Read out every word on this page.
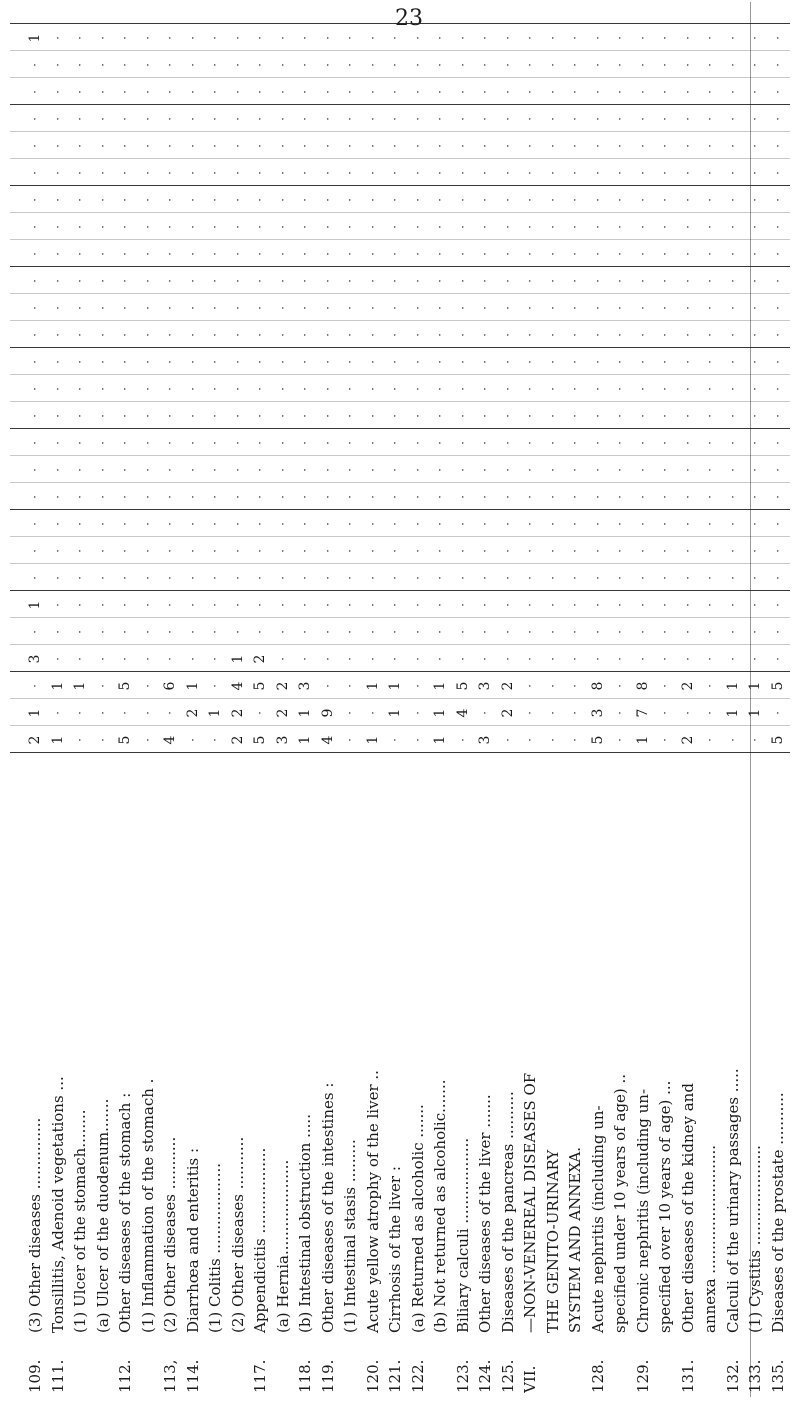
23
109.(3) Other diseases ...............
111.Tonsillitis, Adenoid vegetations ... (1) Ulcer of the stomach........ (a) Ulcer of the duodenum.......
112.Other diseases of the stomach : (1) Inflammation of the stomach .
113,(2) Other diseases ...........
114.Diarrhœa and enteritis : (1) Colitis ................... (2) Other diseases ...........
117.Appendicitis .................. (a) Hernia....................
118.(b) Intestinal obstruction .....
119.Other diseases of the intestines : (1) Intestinal stasis .........
120.Acute yellow atrophy of the liver ..
121.Cirrhosis of the liver :
122.(a) Returned as alcoholic ....... (b) Not returned as alcoholic.......
123.Biliary calculi ..................
124.Other diseases of the liver .......
125.Diseases of the pancreas ..........
VII.—NON-VENEREAL DISEASES OF THE GENITO-URINARY SYSTEM AND ANNEXA.
128.Acute nephritis (including un- specified under 10 years of age) ..
129.Chronic nephritis (including un- specified over 10 years of age) ...
131.Other diseases of the kidney and annexa ...........................
132.Calculi of the urinary passages .....
133.(1) Cystitis .....................
135.Diseases of the prostate ...........
2
1
·
3
·
1
·
·
·
·
·
·
·
·
·
·
·
·
·
·
·
·
·
·
·
·
1
1
·
1
·
·
·
·
·
·
·
·
·
·
·
·
·
·
·
·
·
·
·
·
·
·
·
·
·
·
1
·
·
·
·
·
·
·
·
·
·
·
·
·
·
·
·
·
·
·
·
·
·
·
·
·
·
·
·
·
·
·
·
·
·
·
·
·
·
·
·
·
·
·
·
·
·
·
·
·
·
·
5
·
5
·
·
·
·
·
·
·
·
·
·
·
·
·
·
·
·
·
·
·
·
·
·
·
·
·
·
·
·
·
·
·
·
·
·
·
·
·
·
·
·
·
·
·
·
·
·
·
·
·
·
·
4
·
6
·
·
·
·
·
·
·
·
·
·
·
·
·
·
·
·
·
·
·
·
·
·
·
·
·
2
1
·
·
·
·
·
·
·
·
·
·
·
·
·
·
·
·
·
·
·
·
·
·
·
·
·
1
·
·
·
·
·
·
·
·
·
·
·
·
·
·
·
·
·
·
·
·
·
·
·
·
·
2
2
4
1
·
·
·
·
·
·
·
·
·
·
·
·
·
·
·
·
·
·
·
·
·
·
·
5
·
5
2
·
·
·
·
·
·
·
·
·
·
·
·
·
·
·
·
·
·
·
·
·
·
·
3
2
2
·
·
·
·
·
·
·
·
·
·
·
·
·
·
·
·
·
·
·
·
·
·
·
·
1
1
3
·
·
·
·
·
·
·
·
·
·
·
·
·
·
·
·
·
·
·
·
·
·
·
·
4
9
·
·
·
·
·
·
·
·
·
·
·
·
·
·
·
·
·
·
·
·
·
·
·
·
·
·
·
·
·
·
·
·
·
·
·
·
·
·
·
·
·
·
·
·
·
·
·
·
·
·
·
·
1
·
1
·
·
·
·
·
·
·
·
·
·
·
·
·
·
·
·
·
·
·
·
·
·
·
·
·
1
1
·
·
·
·
·
·
·
·
·
·
·
·
·
·
·
·
·
·
·
·
·
·
·
·
·
·
·
·
·
·
·
·
·
·
·
·
·
·
·
·
·
·
·
·
·
·
·
·
·
·
·
1
1
1
·
·
·
·
·
·
·
·
·
·
·
·
·
·
·
·
·
·
·
·
·
·
·
·
·
4
5
·
·
·
·
·
·
·
·
·
·
·
·
·
·
·
·
·
·
·
·
·
·
·
·
3
·
3
·
·
·
·
·
·
·
·
·
·
·
·
·
·
·
·
·
·
·
·
·
·
·
·
·
2
2
·
·
·
·
·
·
·
·
·
·
·
·
·
·
·
·
·
·
·
·
·
·
·
·
·
·
·
·
·
·
·
·
·
·
·
·
·
·
·
·
·
·
·
·
·
·
·
·
·
·
·
·
·
·
·
·
·
·
·
·
·
·
·
·
·
·
·
·
·
·
·
·
·
·
·
·
·
·
·
·
·
·
·
·
·
·
·
·
·
·
·
·
·
·
·
·
·
·
·
·
·
·
·
·
·
5
3
8
·
·
·
·
·
·
·
·
·
·
·
·
·
·
·
·
·
·
·
·
·
·
·
·
·
·
·
·
·
·
·
·
·
·
·
·
·
·
·
·
·
·
·
·
·
·
·
·
·
·
·
1
7
8
·
·
·
·
·
·
·
·
·
·
·
·
·
·
·
·
·
·
·
·
·
·
·
·
·
·
·
·
·
·
·
·
·
·
·
·
·
·
·
·
·
·
·
·
·
·
·
·
·
·
·
2
·
2
·
·
·
·
·
·
·
·
·
·
·
·
·
·
·
·
·
·
·
·
·
·
·
·
·
·
·
·
·
·
·
·
·
·
·
·
·
·
·
·
·
·
·
·
·
·
·
·
·
·
·
·
1
1
·
·
·
·
·
·
·
·
·
·
·
·
·
·
·
·
·
·
·
·
·
·
·
·
·
1
1
·
·
·
·
·
·
·
·
·
·
·
·
·
·
·
·
·
·
·
·
·
·
·
·
5
·
5
·
·
·
·
·
·
·
·
·
·
·
·
·
·
·
·
·
·
·
·
·
·
·
·
